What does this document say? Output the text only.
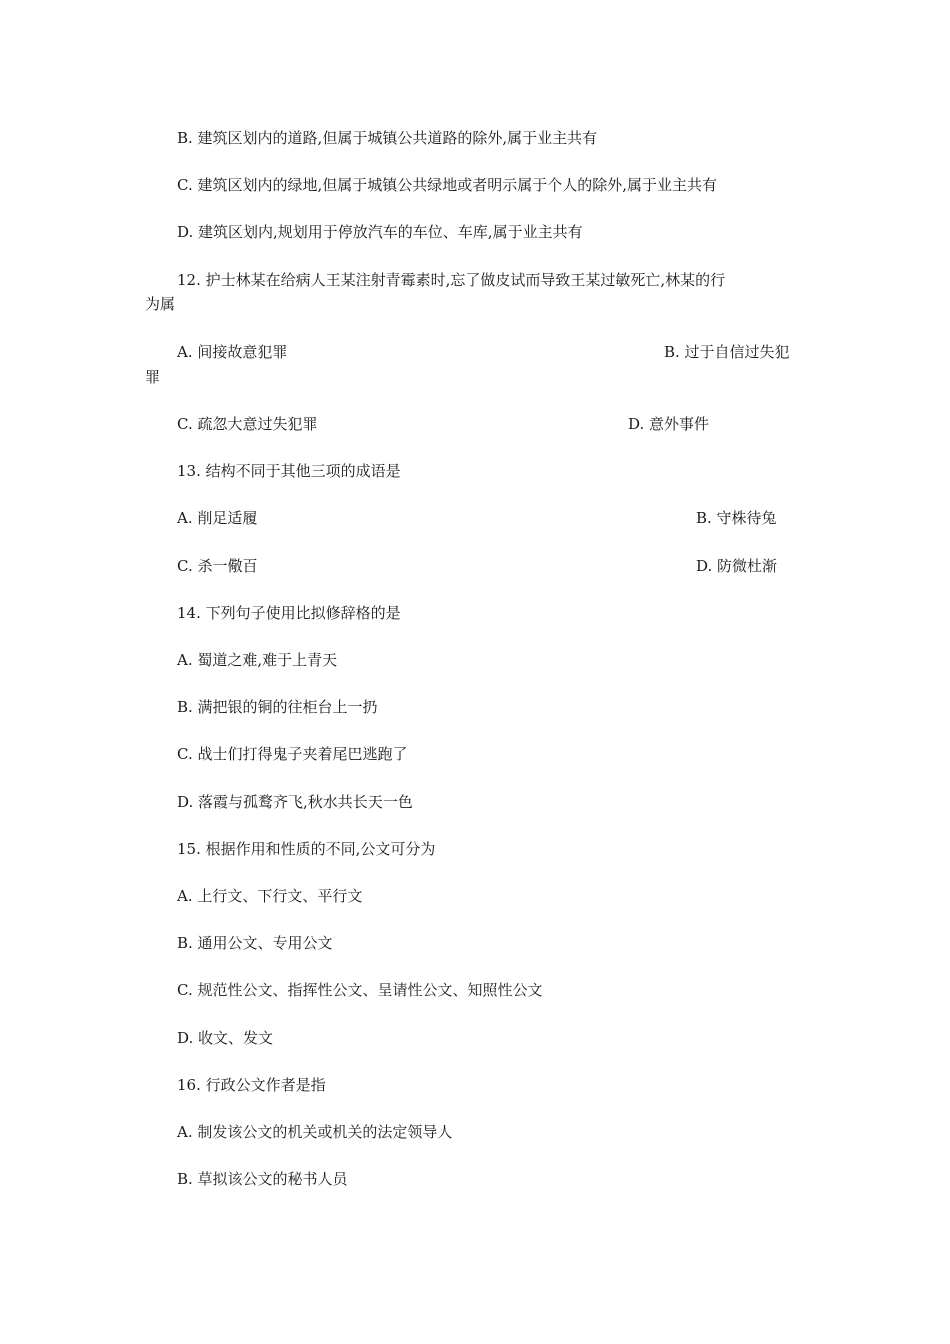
B. 建筑区划内的道路,但属于城镇公共道路的除外,属于业主共有
C. 建筑区划内的绿地,但属于城镇公共绿地或者明示属于个人的除外,属于业主共有
D. 建筑区划内,规划用于停放汽车的车位、车库,属于业主共有
12. 护士林某在给病人王某注射青霉素时,忘了做皮试而导致王某过敏死亡,林某的行
为属
A. 间接故意犯罪	B. 过于自信过失犯
罪
C. 疏忽大意过失犯罪	D. 意外事件
13. 结构不同于其他三项的成语是
A. 削足适履	B. 守株待兔
C. 杀一儆百	D. 防微杜渐
14. 下列句子使用比拟修辞格的是
A. 蜀道之难,难于上青天
B. 满把银的铜的往柜台上一扔
C. 战士们打得鬼子夹着尾巴逃跑了
D. 落霞与孤鹜齐飞,秋水共长天一色
15. 根据作用和性质的不同,公文可分为
A. 上行文、下行文、平行文
B. 通用公文、专用公文
C. 规范性公文、指挥性公文、呈请性公文、知照性公文
D. 收文、发文
16. 行政公文作者是指
A. 制发该公文的机关或机关的法定领导人
B. 草拟该公文的秘书人员
